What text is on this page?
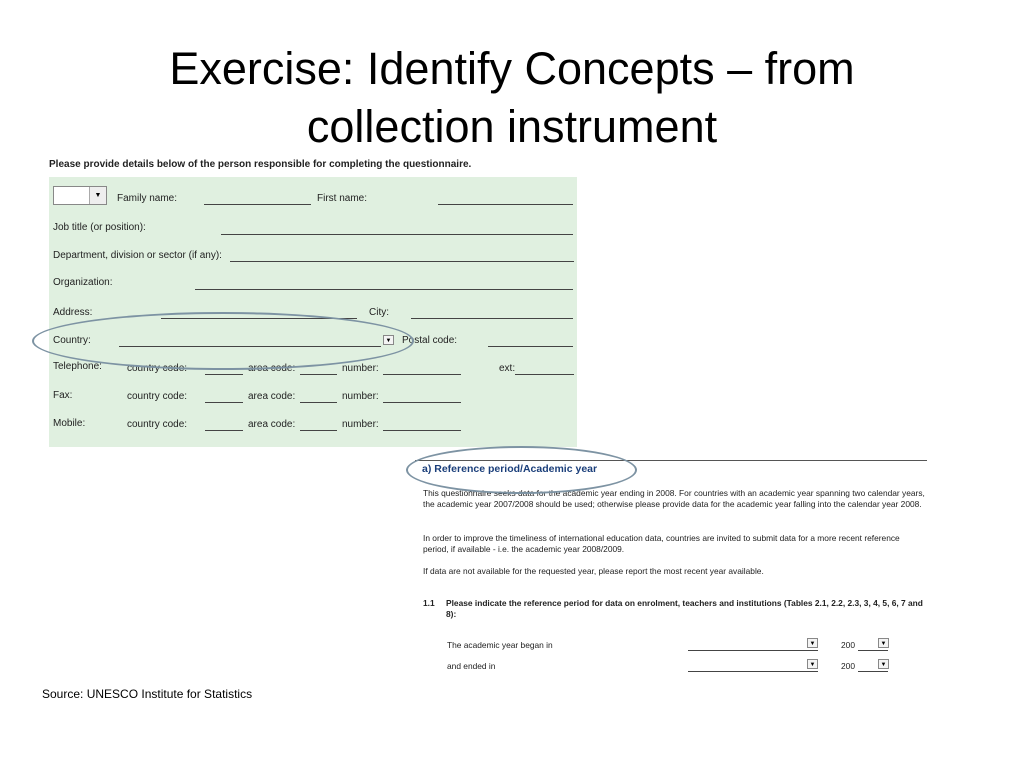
Exercise: Identify Concepts – from
collection instrument
Please provide details below of the person responsible for completing the questionnaire.
▼	Family name:	First name:
Job title (or position):
Department, division or sector (if any):
Organization:
Address:	City:
Country:	▼ Postal code:
Telephone:	country code:	area code:	number:	ext:
Fax:	country code:	area code:	number:
Mobile:	country code:	area code:	number:
a) Reference period/Academic year
This questionnaire seeks data for the academic year ending in 2008. For countries with an academic year spanning two calendar years, the academic year 2007/2008 should be used; otherwise please provide data for the academic year falling into the calendar year 2008.
In order to improve the timeliness of international education data, countries are invited to submit data for a more recent reference period, if available - i.e. the academic year 2008/2009.
If data are not available for the requested year, please report the most recent year available.
1.1 Please indicate the reference period for data on enrolment, teachers and institutions (Tables 2.1, 2.2, 2.3, 3, 4, 5, 6, 7 and 8):
The academic year began in	▼	200	▼
and ended in	▼	200	▼
Source: UNESCO Institute for Statistics
